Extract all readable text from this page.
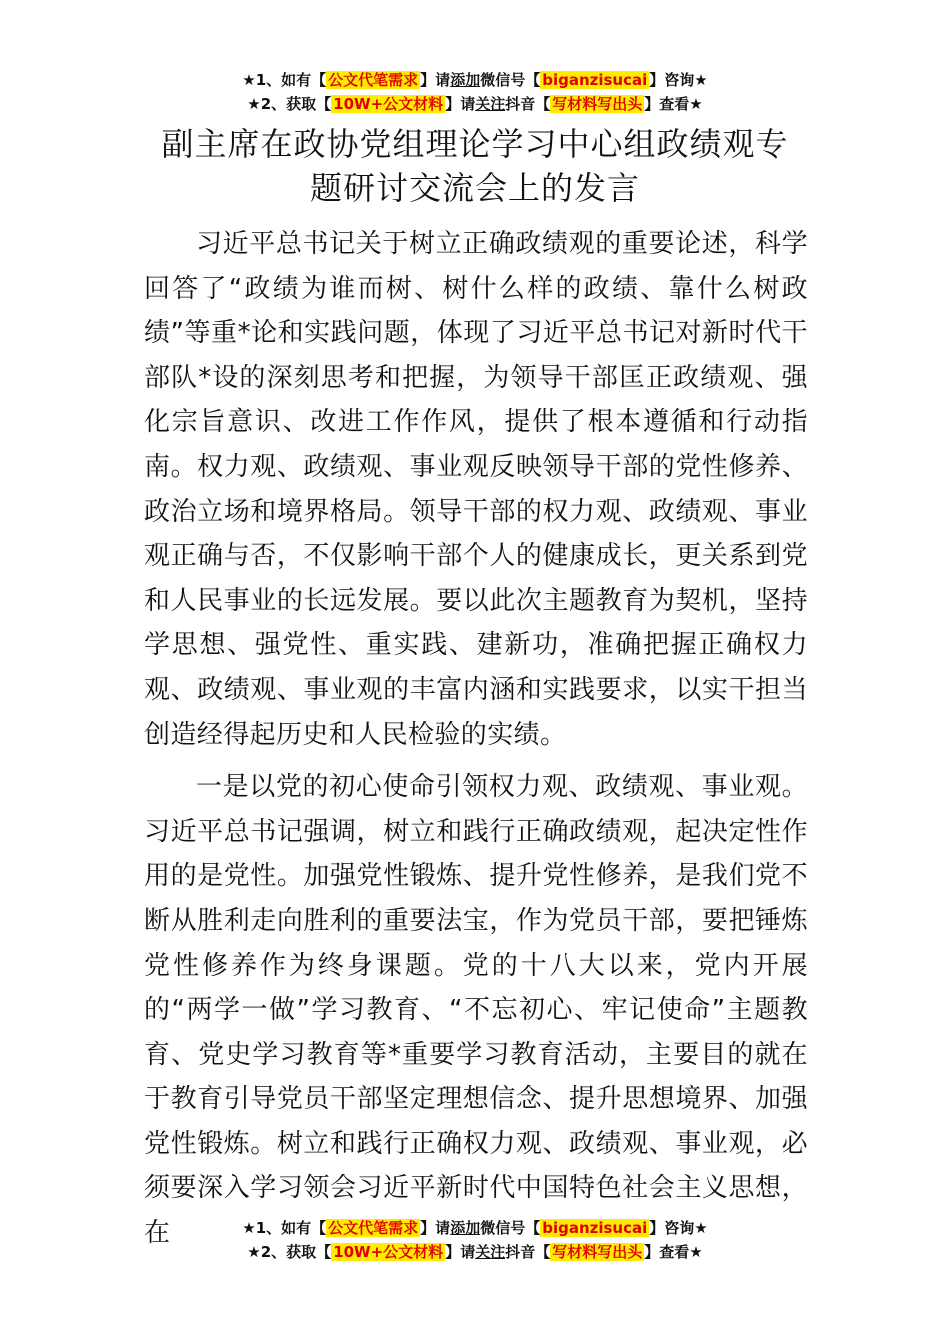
★1、如有【 公文代笔需求 】请添加微信号【 biganzisucai 】咨询★
★2、获取【 10W+公文材料 】请关注抖音【 写材料写出头 】查看★
副主席在政协党组理论学习中心组政绩观专
题研讨交流会上的发言

习近平总书记关于树立正确政绩观的重要论述，科学回答了“政绩为谁而树、树什么样的政绩、靠什么树政绩”等重*论和实践问题，体现了习近平总书记对新时代干部队*设的深刻思考和把握，为领导干部匡正政绩观、强化宗旨意识、改进工作作风，提供了根本遵循和行动指南。权力观、政绩观、事业观反映领导干部的党性修养、政治立场和境界格局。领导干部的权力观、政绩观、事业观正确与否，不仅影响干部个人的健康成长，更关系到党和人民事业的长远发展。要以此次主题教育为契机，坚持学思想、强党性、重实践、建新功，准确把握正确权力观、政绩观、事业观的丰富内涵和实践要求，以实干担当创造经得起历史和人民检验的实绩。

一是以党的初心使命引领权力观、政绩观、事业观。习近平总书记强调，树立和践行正确政绩观，起决定性作用的是党性。加强党性锻炼、提升党性修养，是我们党不断从胜利走向胜利的重要法宝，作为党员干部，要把锤炼党性修养作为终身课题。党的十八大以来，党内开展的“两学一做”学习教育、“不忘初心、牢记使命”主题教育、党史学习教育等*重要学习教育活动，主要目的就在于教育引导党员干部坚定理想信念、提升思想境界、加强党性锻炼。树立和践行正确权力观、政绩观、事业观，必须要深入学习领会习近平新时代中国特色社会主义思想，在	★1、如有【 公文代笔需求 】请添加微信号【 biganzisucai 】咨询★
★2、获取【 10W+公文材料 】请关注抖音【 写材料写出头 】查看★
